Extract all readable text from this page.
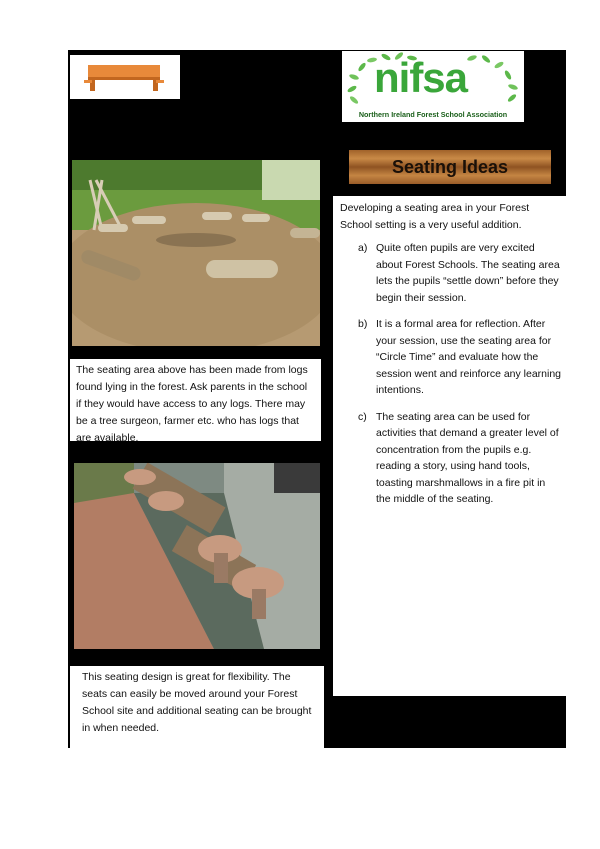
nifsa
Northern Ireland Forest School Association
Seating Ideas
The seating area above has been made from logs found lying in the forest. Ask parents in the school if they would have access to any logs. There may be a tree surgeon, farmer etc. who has logs that are available.
This seating design is great for flexibility. The seats can easily be moved around your Forest School site and additional seating can be brought in when needed.
Developing a seating area in your Forest School setting is a very useful addition.
a) Quite often pupils are very excited about Forest Schools. The seating area lets the pupils “settle down” before they begin their session.
b) It is a formal area for reflection. After your session, use the seating area for “Circle Time” and evaluate how the session went and reinforce any learning intentions.
c) The seating area can be used for activities that demand a greater level of concentration from the pupils e.g. reading a story, using hand tools, toasting marshmallows in a fire pit in the middle of the seating.
